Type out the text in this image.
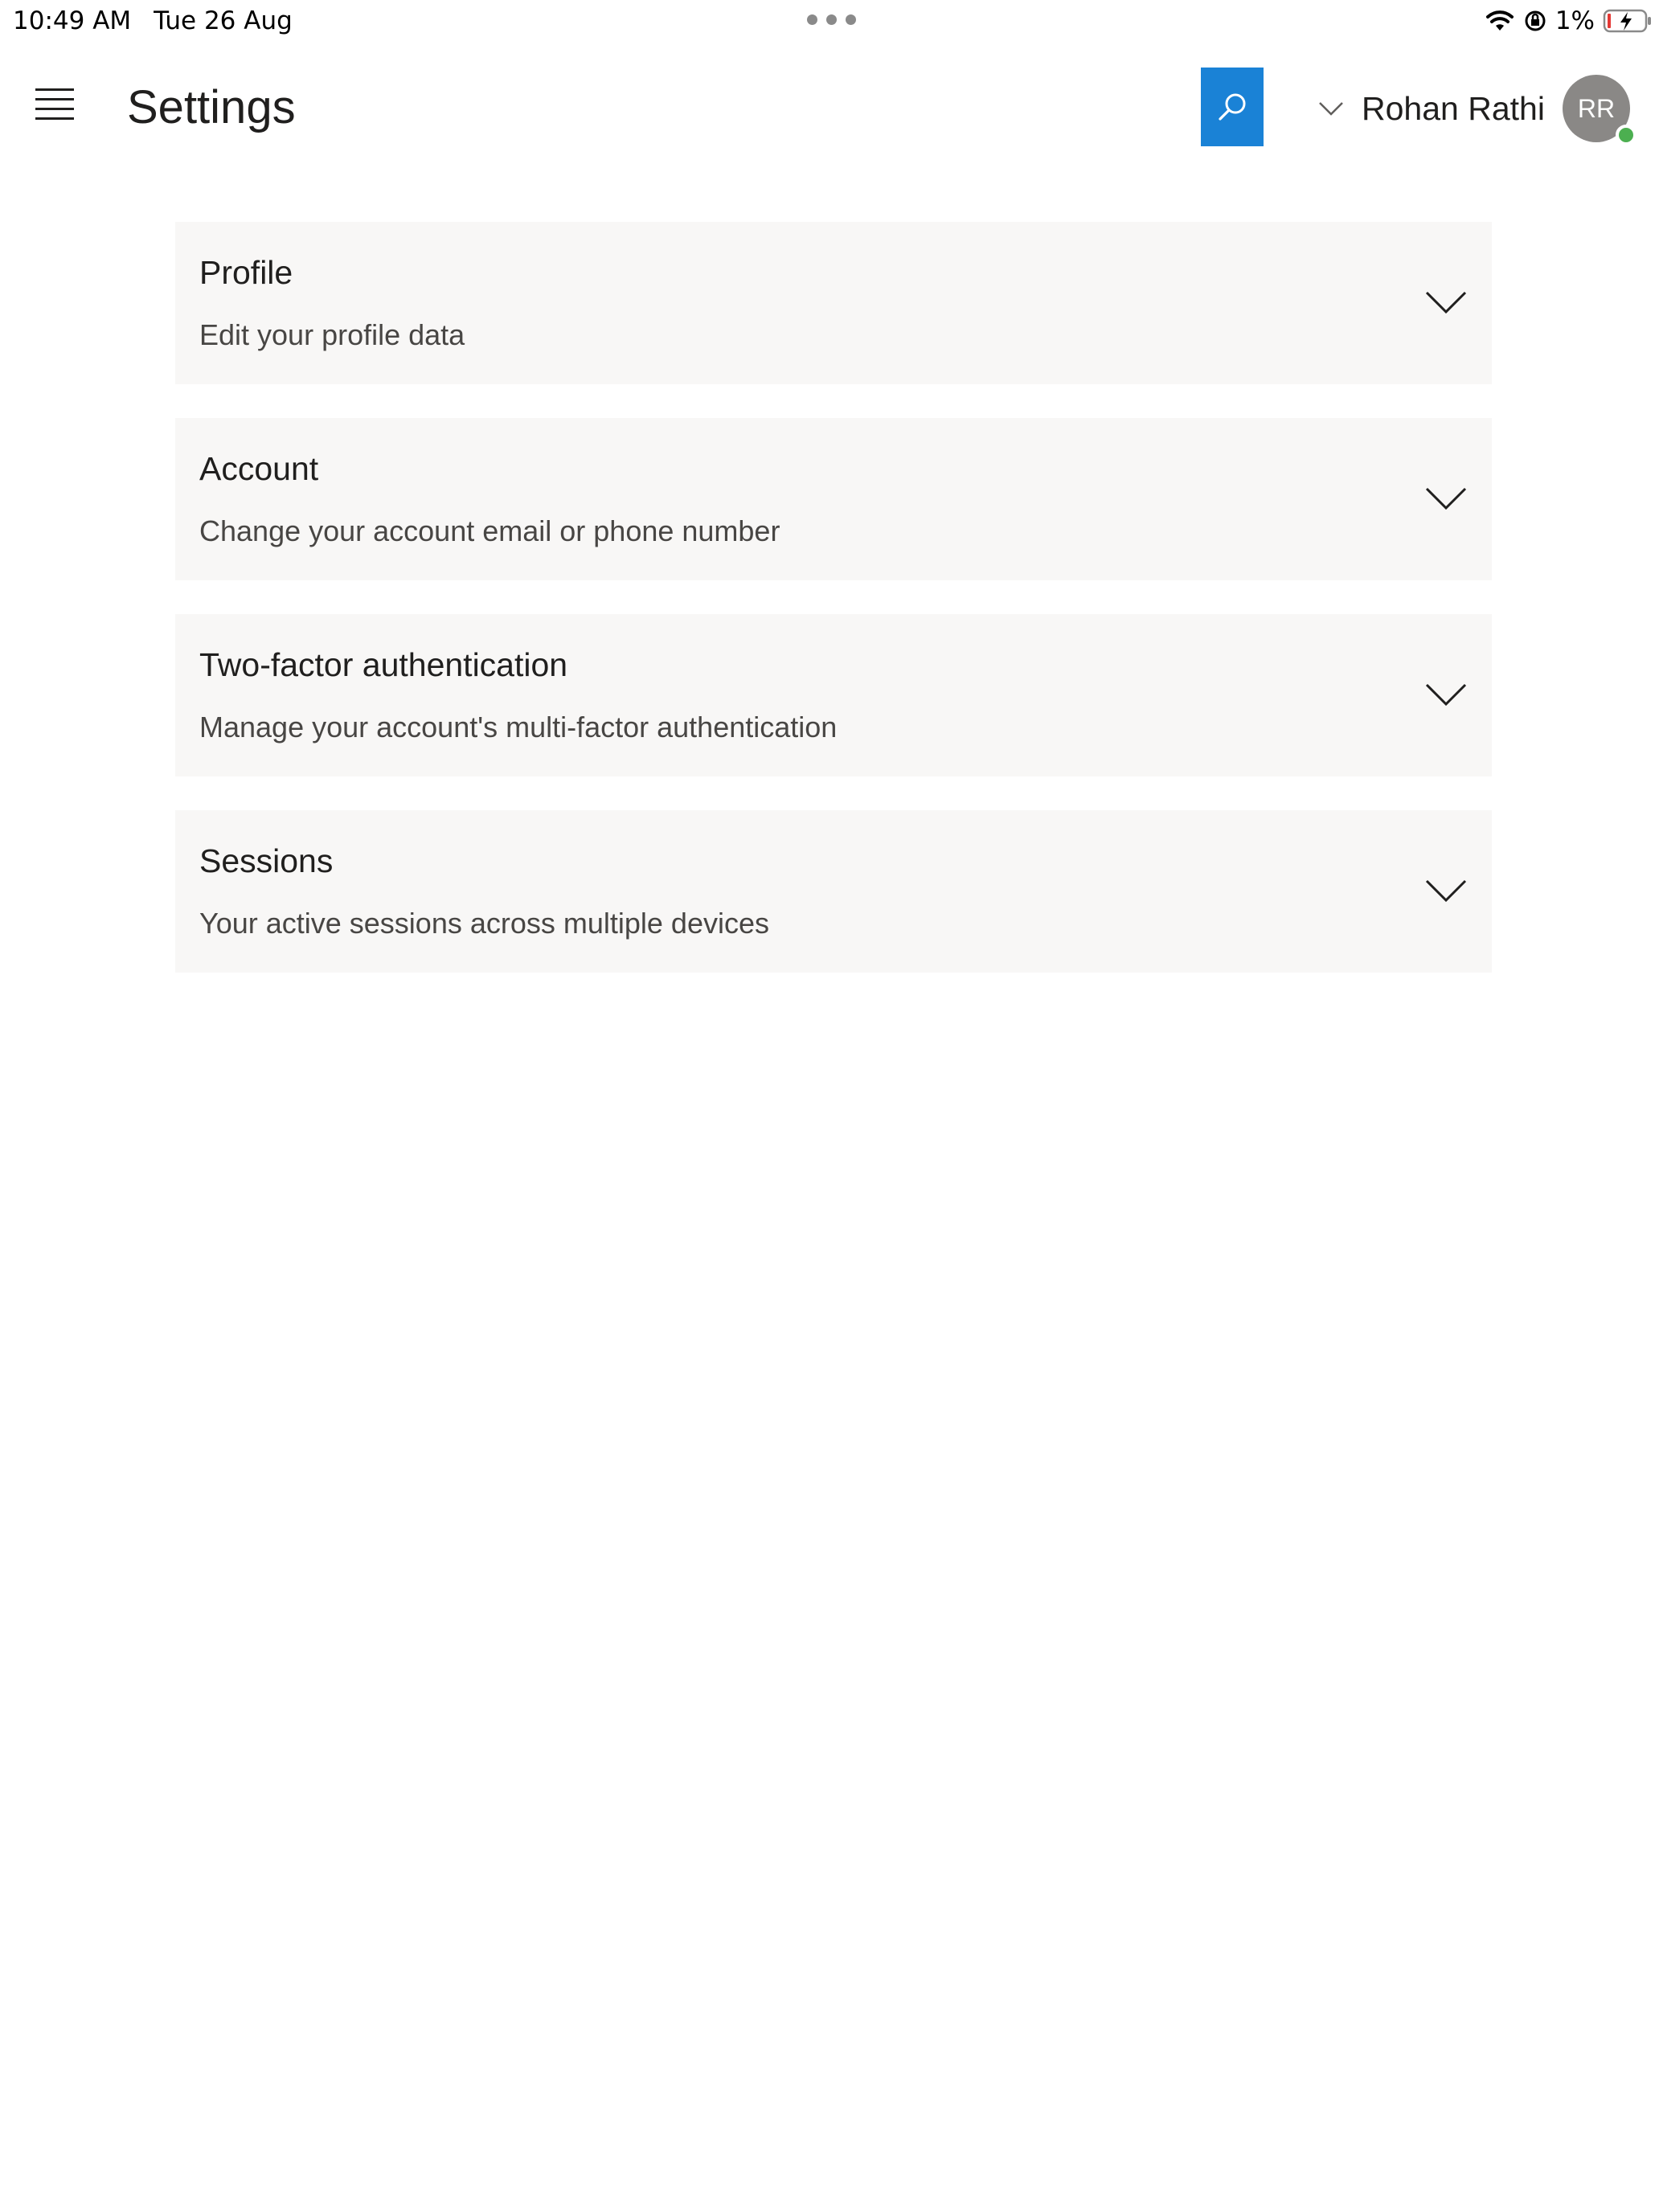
10:49 AM Tue 26 Aug	1%
Settings	Rohan Rathi RR
Profile
Edit your profile data
Account
Change your account email or phone number
Two-factor authentication
Manage your account's multi-factor authentication
Sessions
Your active sessions across multiple devices
